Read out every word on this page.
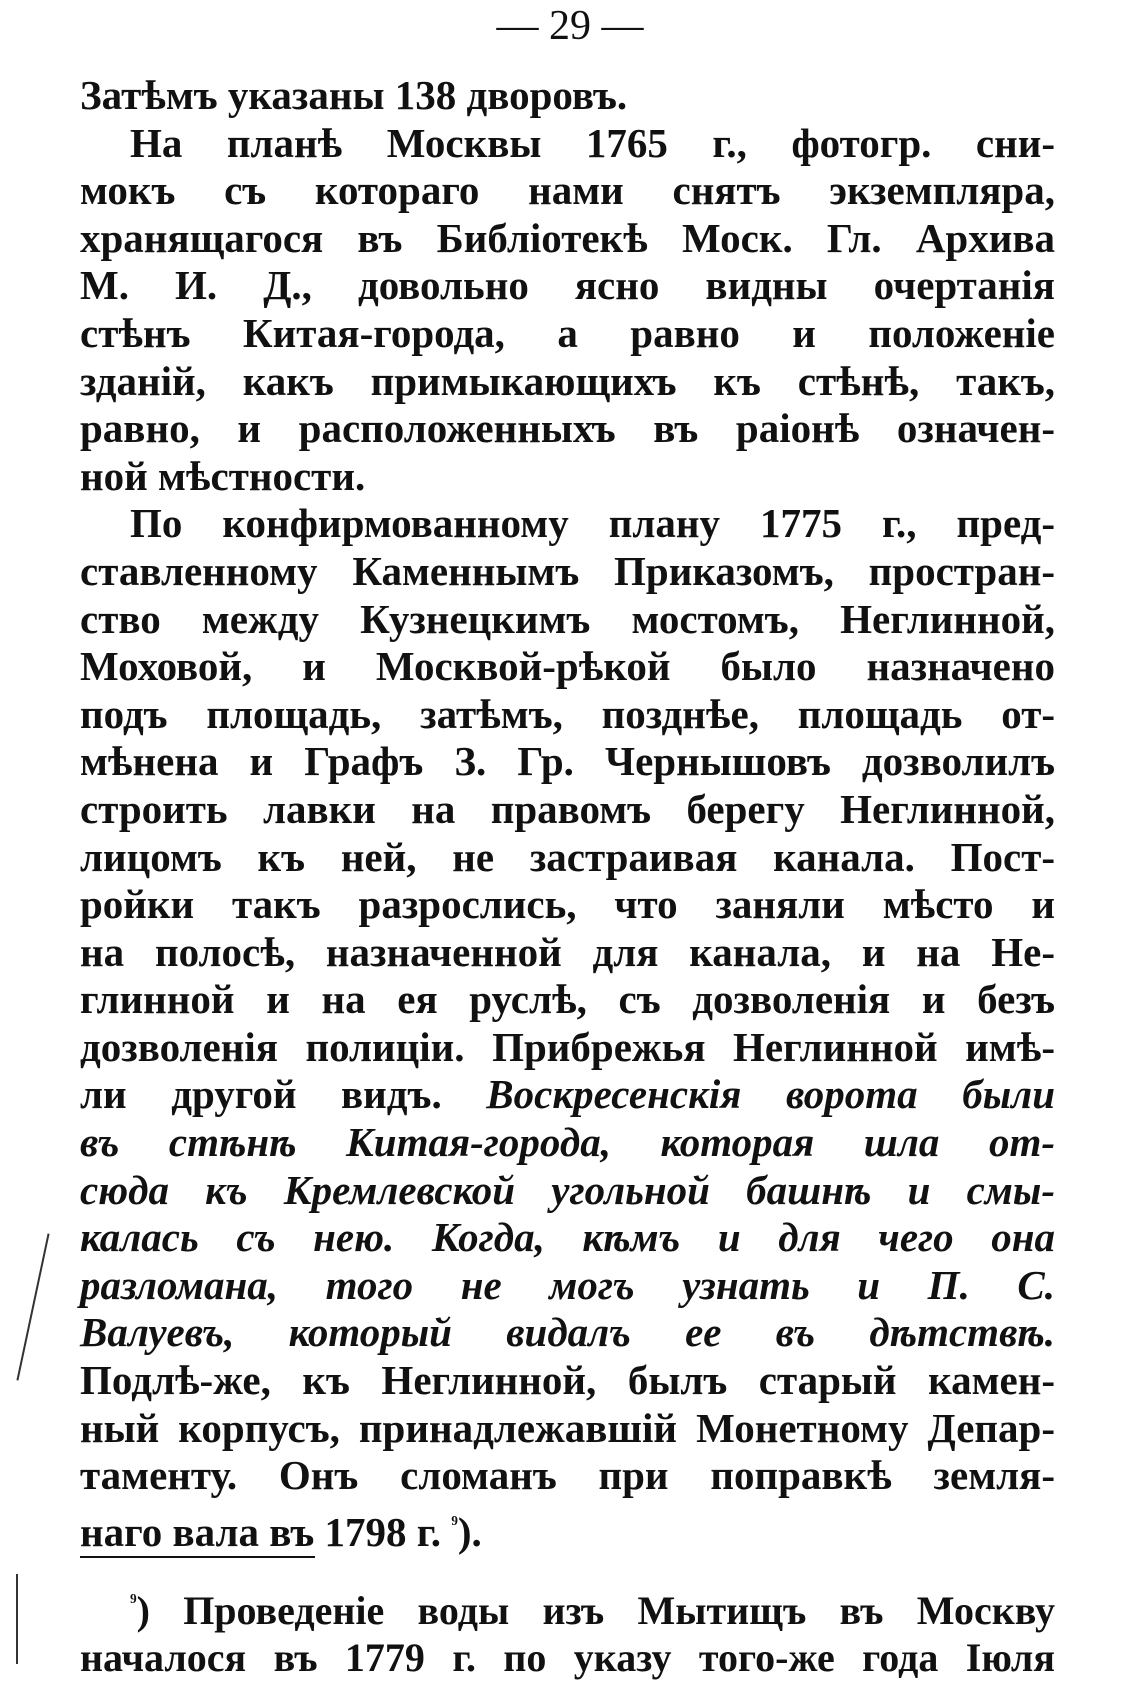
— 29 —
Затѣмъ указаны 138 дворовъ.
На планѣ Москвы 1765 г., фотогр. сни-
мокъ съ котораго нами снятъ экземпляра,
хранящагося въ Библіотекѣ Моск. Гл. Архива
М. И. Д., довольно ясно видны очертанія
стѣнъ Китая-города, а равно и положеніе
зданій, какъ примыкающихъ къ стѣнѣ, такъ,
равно, и расположенныхъ въ раіонѣ означен-
ной мѣстности.
По конфирмованному плану 1775 г., пред-
ставленному Каменнымъ Приказомъ, простран-
ство между Кузнецкимъ мостомъ, Неглинной,
Моховой, и Москвой-рѣкой было назначено
подъ площадь, затѣмъ, позднѣе, площадь от-
мѣнена и Графъ З. Гр. Чернышовъ дозволилъ
строить лавки на правомъ берегу Неглинной,
лицомъ къ ней, не застраивая канала. Пост-
ройки такъ разрослись, что заняли мѣсто и
на полосѣ, назначенной для канала, и на Не-
глинной и на ея руслѣ, съ дозволенія и безъ
дозволенія полиціи. Прибрежья Неглинной имѣ-
ли другой видъ. Воскресенскія ворота были
въ стѣнѣ Китая-города, которая шла от-
сюда къ Кремлевской угольной башнѣ и смы-
калась съ нею. Когда, кѣмъ и для чего она
разломана, того не могъ узнать и П. С.
Валуевъ, который видалъ ее въ дѣтствѣ.
Подлѣ-же, къ Неглинной, былъ старый камен-
ный корпусъ, принадлежавшій Монетному Депар-
таменту. Онъ сломанъ при поправкѣ земля-
наго вала въ 1798 г. $^{^9}$).
$^{^9}$) Проведеніе воды изъ Мытищъ въ Москву
началося въ 1779 г. по указу того-же года Іюля
